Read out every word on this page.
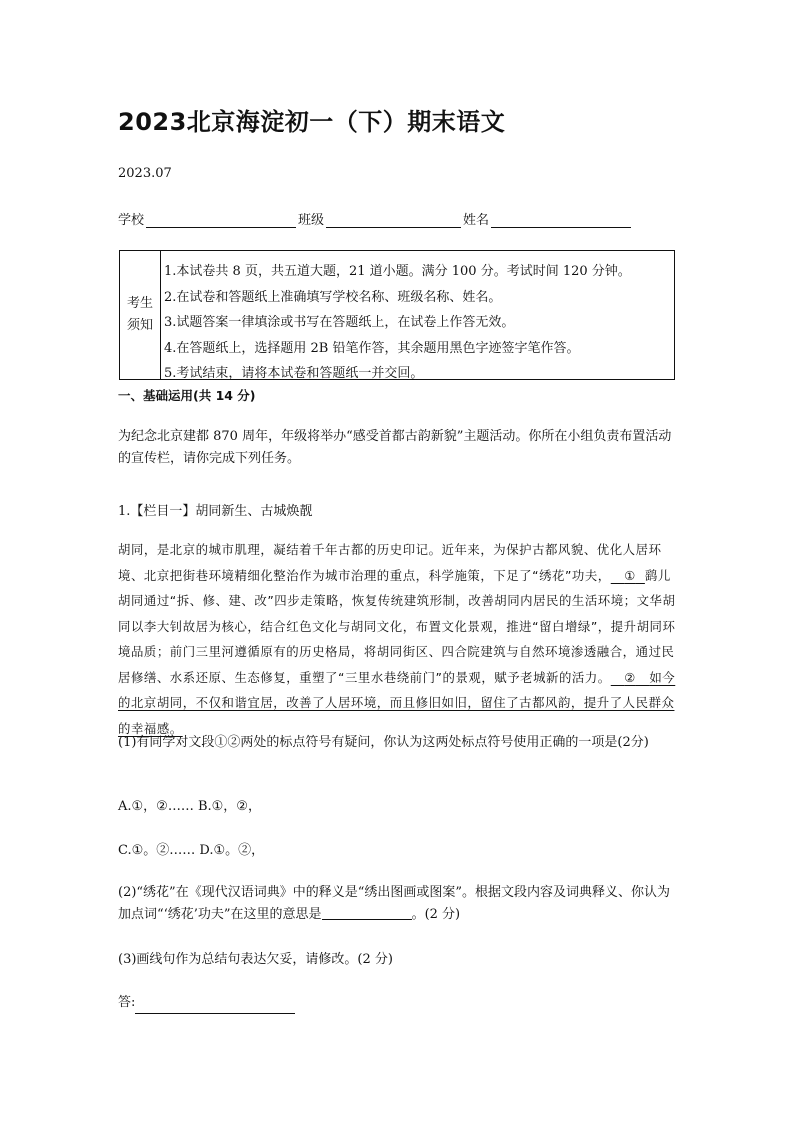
2023北京海淀初一（下）期末语文
2023.07
学校	班级	姓名
考生
须知
1.本试卷共 8 页，共五道大题，21 道小题。满分 100 分。考试时间 120 分钟。
2.在试卷和答题纸上准确填写学校名称、班级名称、姓名。
3.试题答案一律填涂或书写在答题纸上，在试卷上作答无效。
4.在答题纸上，选择题用 2B 铅笔作答，其余题用黑色字迹签字笔作答。
5.考试结束，请将本试卷和答题纸一并交回。
一、基础运用(共 14 分)
为纪念北京建都 870 周年，年级将举办“感受首都古韵新貌”主题活动。你所在小组负责布置活动的宣传栏，请你完成下列任务。
1.【栏目一】胡同新生、古城焕靓
胡同，是北京的城市肌理，凝结着千年古都的历史印记。近年来，为保护古都风貌、优化人居环境、北京把街巷环境精细化整治作为城市治理的重点，科学施策，下足了“绣花”功夫， ① 鹞儿胡同通过“拆、修、建、改”四步走策略，恢复传统建筑形制，改善胡同内居民的生活环境；文华胡同以李大钊故居为核心，结合红色文化与胡同文化，布置文化景观，推进“留白增绿”，提升胡同环境品质；前门三里河遵循原有的历史格局，将胡同街区、四合院建筑与自然环境渗透融合，通过民居修缮、水系还原、生态修复，重塑了“三里水巷绕前门”的景观，赋予老城新的活力。 ② 如今的北京胡同，不仅和谐宜居，改善了人居环境，而且修旧如旧，留住了古都风韵，提升了人民群众的幸福感。
(1)有同学对文段①②两处的标点符号有疑问，你认为这两处标点符号使用正确的一项是(2分)
A.①，②…… B.①，②，
C.①。②…… D.①。②，
(2)“绣花”在《现代汉语词典》中的释义是“绣出图画或图案”。根据文段内容及词典释义、你认为加点词“‘绣花’功夫”在这里的意思是	。(2 分)
(3)画线句作为总结句表达欠妥，请修改。(2 分)
答:
